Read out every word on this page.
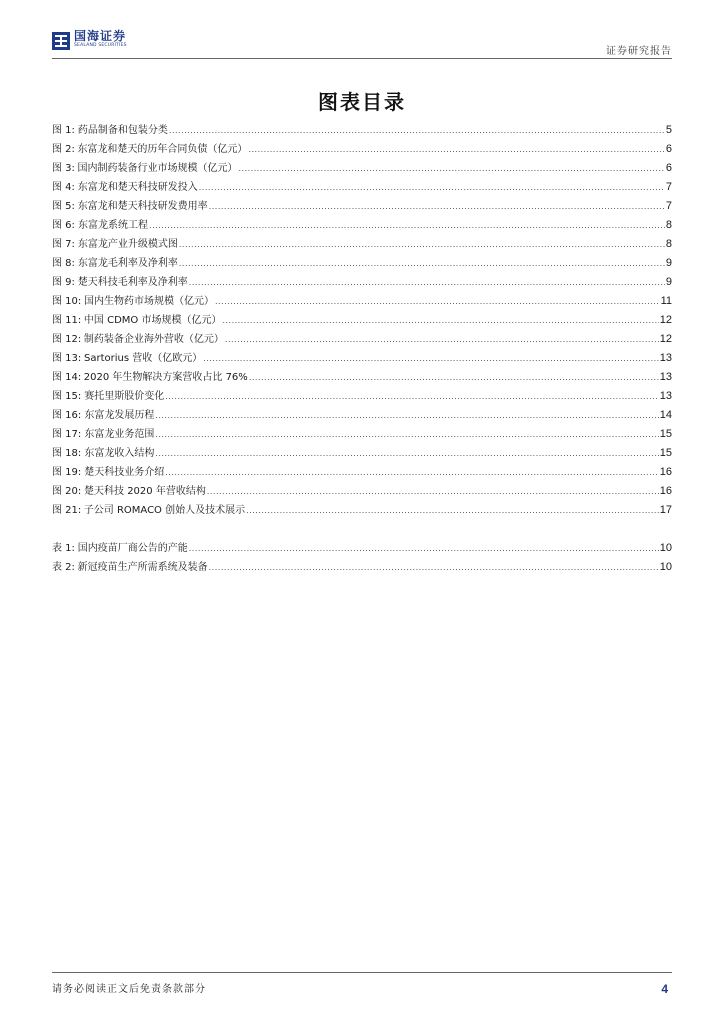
国海证券
SEALAND SECURITIES
证券研究报告
图表目录
图 1: 药品制备和包装分类 .....	5
图 2: 东富龙和楚天的历年合同负债（亿元） .....	6
图 3: 国内制药装备行业市场规模（亿元） .....	6
图 4: 东富龙和楚天科技研发投入 .....	7
图 5: 东富龙和楚天科技研发费用率 .....	7
图 6: 东富龙系统工程 .....	8
图 7: 东富龙产业升级模式图 .....	8
图 8: 东富龙毛利率及净利率 .....	9
图 9: 楚天科技毛利率及净利率 .....	9
图 10: 国内生物药市场规模（亿元） .....	11
图 11: 中国 CDMO 市场规模（亿元） .....	12
图 12: 制药装备企业海外营收（亿元） .....	12
图 13: Sartorius 营收（亿欧元） .....	13
图 14: 2020 年生物解决方案营收占比 76% .....	13
图 15: 赛托里斯股价变化 .....	13
图 16: 东富龙发展历程 .....	14
图 17: 东富龙业务范围 .....	15
图 18: 东富龙收入结构 .....	15
图 19: 楚天科技业务介绍 .....	16
图 20: 楚天科技 2020 年营收结构 .....	16
图 21: 子公司 ROMACO 创始人及技术展示 .....	17
表 1: 国内疫苗厂商公告的产能 .....	10
表 2: 新冠疫苗生产所需系统及装备 .....	10
请务必阅读正文后免责条款部分	4
